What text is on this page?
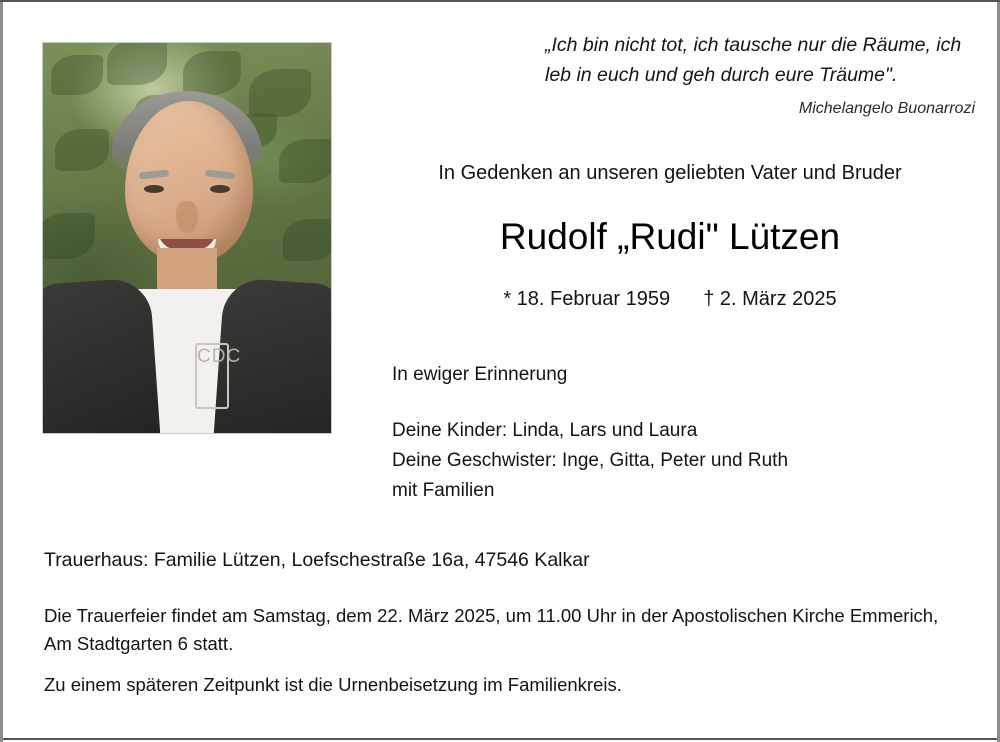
CDC
„Ich bin nicht tot, ich tausche nur die Räume, ich leb in euch und geh durch eure Träume".
Michelangelo Buonarrozi
In Gedenken an unseren geliebten Vater und Bruder
Rudolf „Rudi" Lützen
* 18. Februar 1959 † 2. März 2025
In ewiger Erinnerung
Deine Kinder: Linda, Lars und Laura
Deine Geschwister: Inge, Gitta, Peter und Ruth
mit Familien
Trauerhaus: Familie Lützen, Loefschestraße 16a, 47546 Kalkar
Die Trauerfeier findet am Samstag, dem 22. März 2025, um 11.00 Uhr in der Apostolischen Kirche Emmerich, Am Stadtgarten 6 statt.
Zu einem späteren Zeitpunkt ist die Urnenbeisetzung im Familienkreis.
